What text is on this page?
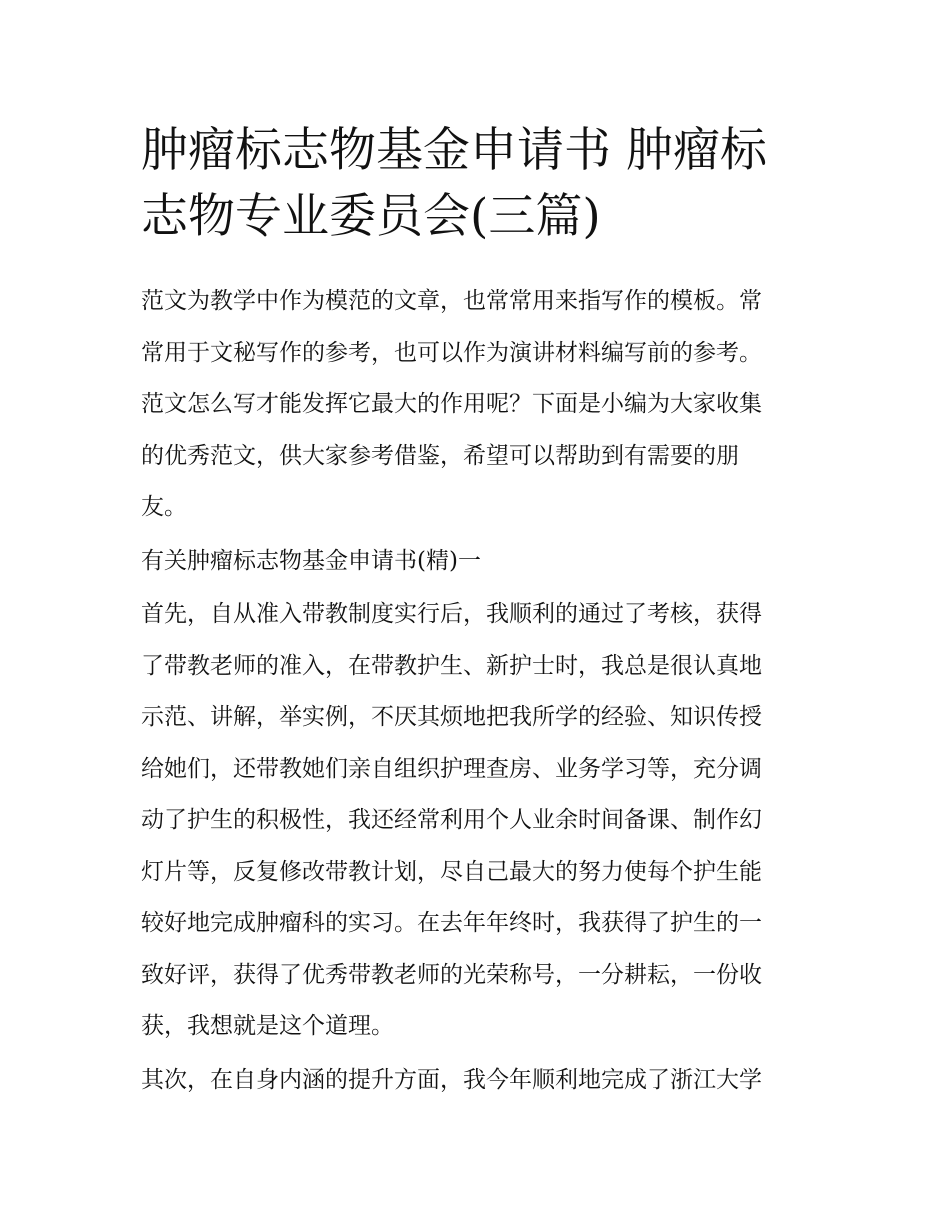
肿瘤标志物基金申请书 肿瘤标
志物专业委员会(三篇)

范文为教学中作为模范的文章，也常常用来指写作的模板。常
常用于文秘写作的参考，也可以作为演讲材料编写前的参考。
范文怎么写才能发挥它最大的作用呢？下面是小编为大家收集
的优秀范文，供大家参考借鉴，希望可以帮助到有需要的朋
友。

有关肿瘤标志物基金申请书(精)一

首先，自从准入带教制度实行后，我顺利的通过了考核，获得
了带教老师的准入，在带教护生、新护士时，我总是很认真地
示范、讲解，举实例，不厌其烦地把我所学的经验、知识传授
给她们，还带教她们亲自组织护理查房、业务学习等，充分调
动了护生的积极性，我还经常利用个人业余时间备课、制作幻
灯片等，反复修改带教计划，尽自己最大的努力使每个护生能
较好地完成肿瘤科的实习。在去年年终时，我获得了护生的一
致好评，获得了优秀带教老师的光荣称号，一分耕耘，一份收
获，我想就是这个道理。

其次，在自身内涵的提升方面，我今年顺利地完成了浙江大学
